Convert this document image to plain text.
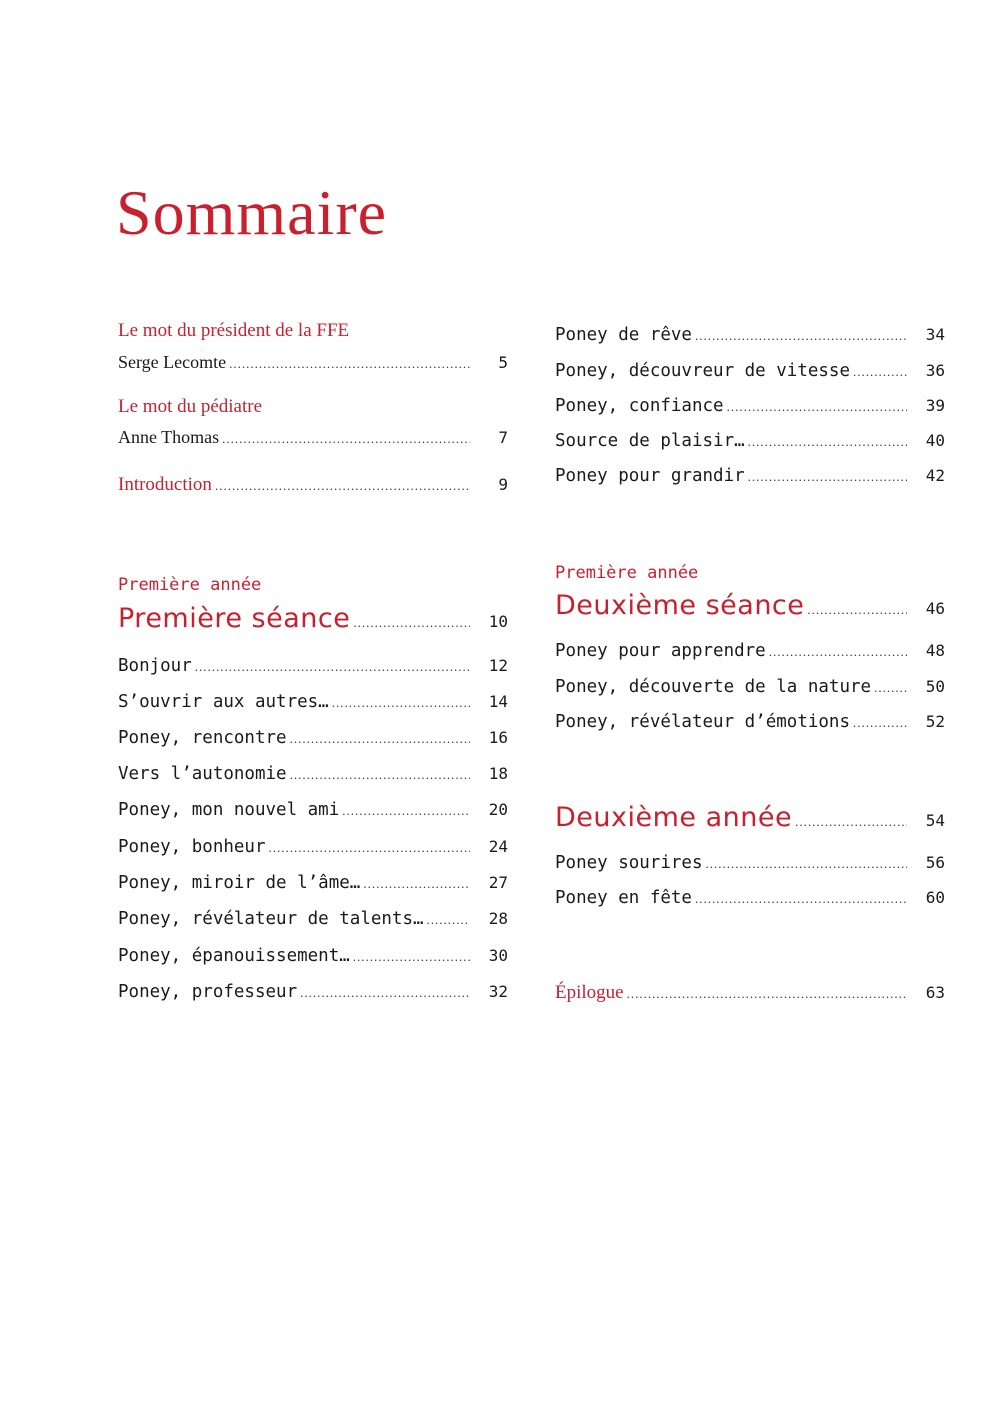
Sommaire
Le mot du président de la FFE
Serge Lecomte .....	5
Le mot du pédiatre
Anne Thomas .....	7
Introduction .....	9
Première année
Première séance .....	10
Bonjour .....	12
S’ouvrir aux autres… .....	14
Poney, rencontre .....	16
Vers l’autonomie .....	18
Poney, mon nouvel ami .....	20
Poney, bonheur .....	24
Poney, miroir de l’âme… .....	27
Poney, révélateur de talents… .....	28
Poney, épanouissement… .....	30
Poney, professeur .....	32
Poney de rêve .....	34
Poney, découvreur de vitesse .....	36
Poney, confiance .....	39
Source de plaisir… .....	40
Poney pour grandir .....	42
Première année
Deuxième séance .....	46
Poney pour apprendre .....	48
Poney, découverte de la nature .....	50
Poney, révélateur d’émotions .....	52
Deuxième année .....	54
Poney sourires .....	56
Poney en fête .....	60
Épilogue .....	63
